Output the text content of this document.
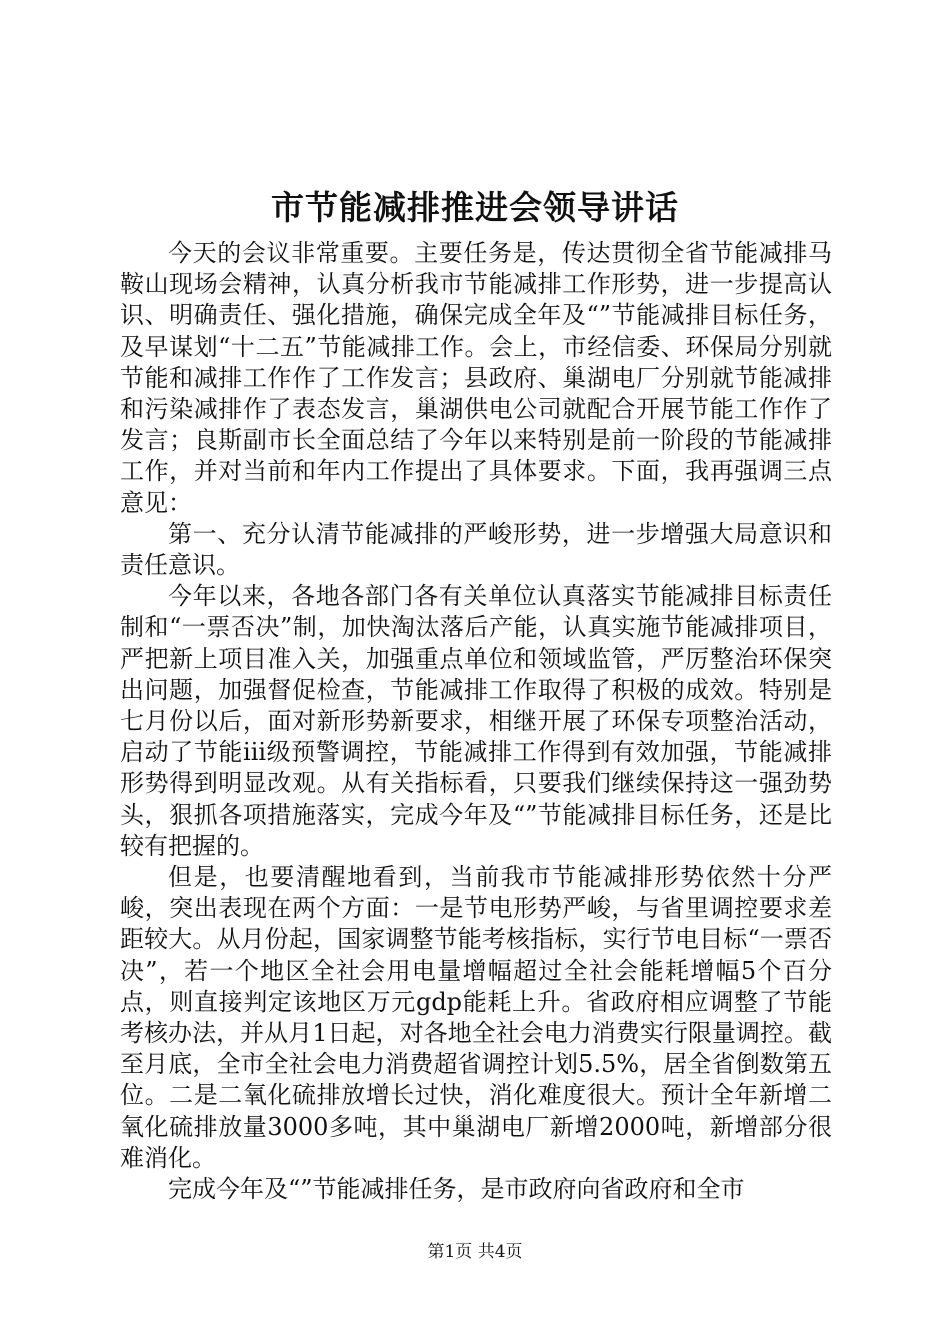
市节能减排推进会领导讲话

今天的会议非常重要。主要任务是，传达贯彻全省节能减排马鞍山现场会精神，认真分析我市节能减排工作形势，进一步提高认识、明确责任、强化措施，确保完成全年及“”节能减排目标任务，及早谋划“十二五”节能减排工作。会上，市经信委、环保局分别就节能和减排工作作了工作发言；县政府、巢湖电厂分别就节能减排和污染减排作了表态发言，巢湖供电公司就配合开展节能工作作了发言；良斯副市长全面总结了今年以来特别是前一阶段的节能减排工作，并对当前和年内工作提出了具体要求。下面，我再强调三点意见：

第一、充分认清节能减排的严峻形势，进一步增强大局意识和责任意识。

今年以来，各地各部门各有关单位认真落实节能减排目标责任制和“一票否决”制，加快淘汰落后产能，认真实施节能减排项目，严把新上项目准入关，加强重点单位和领域监管，严厉整治环保突出问题，加强督促检查，节能减排工作取得了积极的成效。特别是七月份以后，面对新形势新要求，相继开展了环保专项整治活动，启动了节能iii级预警调控，节能减排工作得到有效加强，节能减排形势得到明显改观。从有关指标看，只要我们继续保持这一强劲势头，狠抓各项措施落实，完成今年及“”节能减排目标任务，还是比较有把握的。

但是，也要清醒地看到，当前我市节能减排形势依然十分严峻，突出表现在两个方面：一是节电形势严峻，与省里调控要求差距较大。从月份起，国家调整节能考核指标，实行节电目标“一票否决”，若一个地区全社会用电量增幅超过全社会能耗增幅5个百分点，则直接判定该地区万元gdp能耗上升。省政府相应调整了节能考核办法，并从月1日起，对各地全社会电力消费实行限量调控。截至月底，全市全社会电力消费超省调控计划5.5%，居全省倒数第五位。二是二氧化硫排放增长过快，消化难度很大。预计全年新增二氧化硫排放量3000多吨，其中巢湖电厂新增2000吨，新增部分很难消化。

完成今年及“”节能减排任务，是市政府向省政府和全市

第1页 共4页
